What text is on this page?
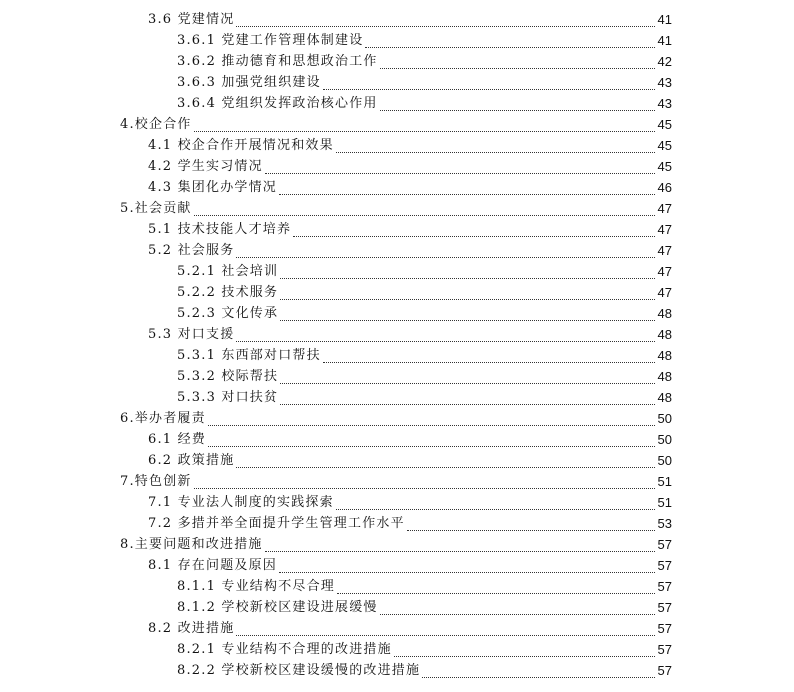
3.6 党建情况	41
3.6.1 党建工作管理体制建设	41
3.6.2 推动德育和思想政治工作	42
3.6.3 加强党组织建设	43
3.6.4 党组织发挥政治核心作用	43
4.校企合作	45
4.1 校企合作开展情况和效果	45
4.2 学生实习情况	45
4.3 集团化办学情况	46
5.社会贡献	47
5.1 技术技能人才培养	47
5.2 社会服务	47
5.2.1 社会培训	47
5.2.2 技术服务	47
5.2.3 文化传承	48
5.3 对口支援	48
5.3.1 东西部对口帮扶	48
5.3.2 校际帮扶	48
5.3.3 对口扶贫	48
6.举办者履责	50
6.1 经费	50
6.2 政策措施	50
7.特色创新	51
7.1 专业法人制度的实践探索	51
7.2 多措并举全面提升学生管理工作水平	53
8.主要问题和改进措施	57
8.1 存在问题及原因	57
8.1.1 专业结构不尽合理	57
8.1.2 学校新校区建设进展缓慢	57
8.2 改进措施	57
8.2.1 专业结构不合理的改进措施	57
8.2.2 学校新校区建设缓慢的改进措施	57
